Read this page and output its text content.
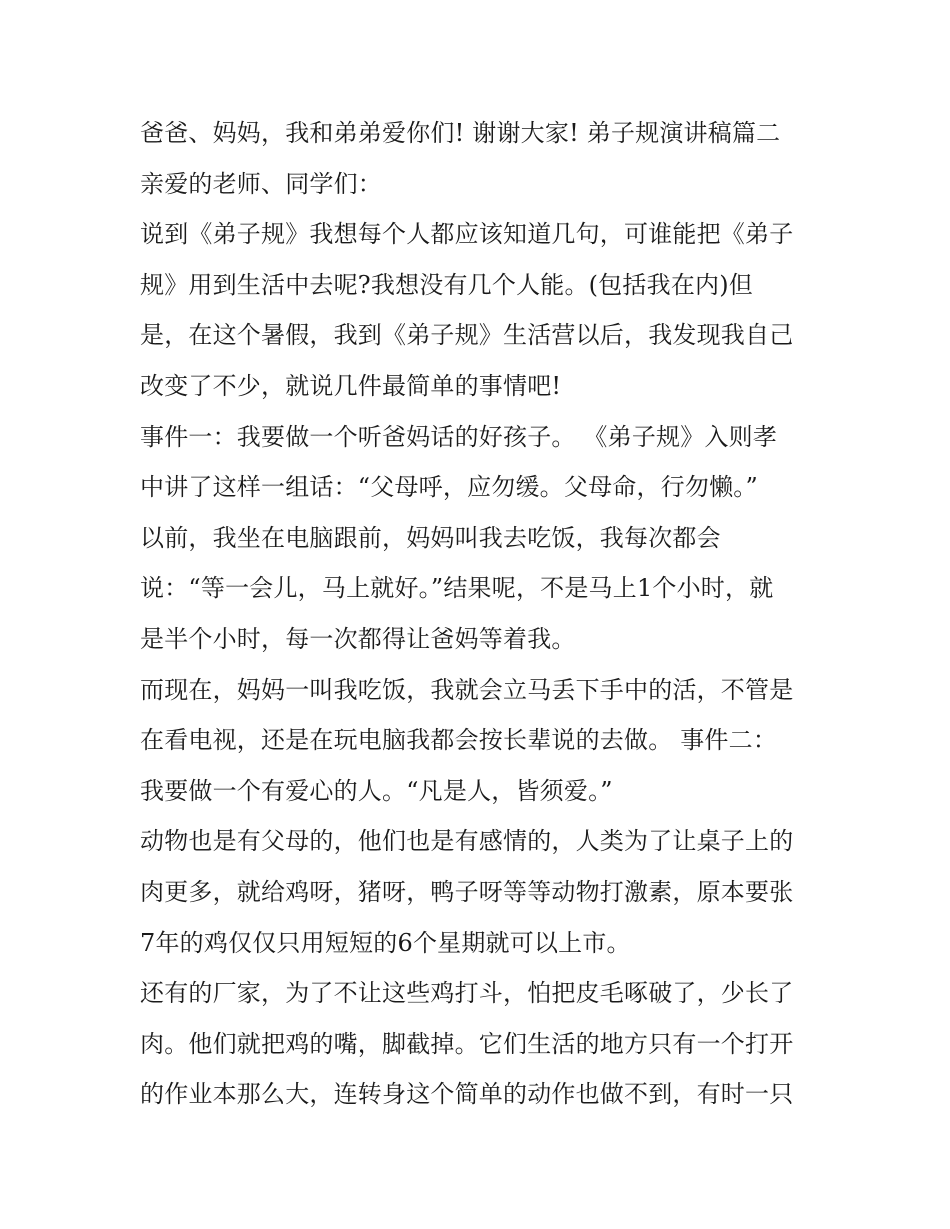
爸爸、妈妈，我和弟弟爱你们! 谢谢大家! 弟子规演讲稿篇二
亲爱的老师、同学们：
说到《弟子规》我想每个人都应该知道几句，可谁能把《弟子
规》用到生活中去呢?我想没有几个人能。(包括我在内)但
是，在这个暑假，我到《弟子规》生活营以后，我发现我自己
改变了不少，就说几件最简单的事情吧!
事件一：我要做一个听爸妈话的好孩子。 《弟子规》入则孝
中讲了这样一组话：“父母呼，应勿缓。父母命，行勿懒。”
以前，我坐在电脑跟前，妈妈叫我去吃饭，我每次都会
说：“等一会儿，马上就好。”结果呢，不是马上1个小时，就
是半个小时，每一次都得让爸妈等着我。
而现在，妈妈一叫我吃饭，我就会立马丢下手中的活，不管是
在看电视，还是在玩电脑我都会按长辈说的去做。 事件二：
我要做一个有爱心的人。“凡是人，皆须爱。”
动物也是有父母的，他们也是有感情的，人类为了让桌子上的
肉更多，就给鸡呀，猪呀，鸭子呀等等动物打激素，原本要张
7年的鸡仅仅只用短短的6个星期就可以上市。
还有的厂家，为了不让这些鸡打斗，怕把皮毛啄破了，少长了
肉。他们就把鸡的嘴，脚截掉。它们生活的地方只有一个打开
的作业本那么大，连转身这个简单的动作也做不到，有时一只
